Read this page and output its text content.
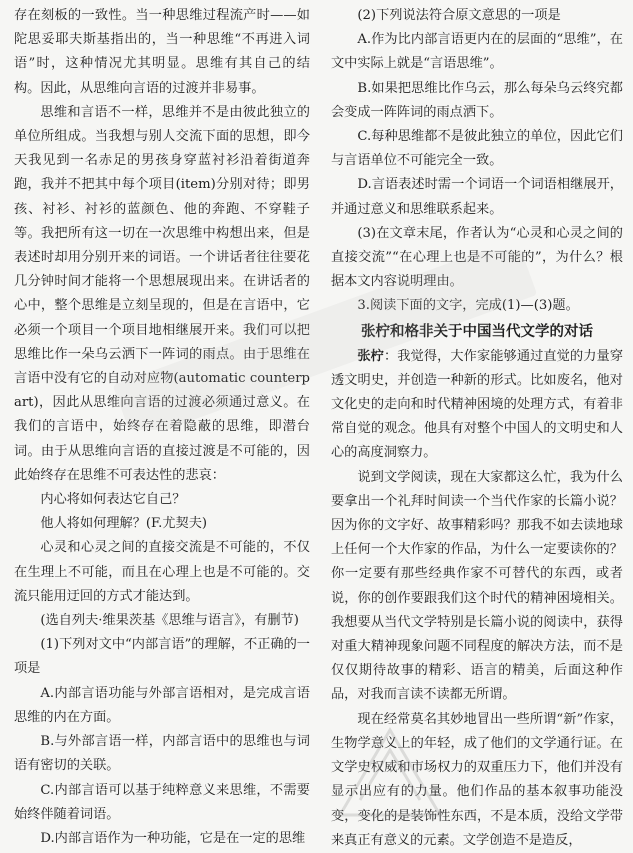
存在刻板的一致性。当一种思维过程流产时——如陀思妥耶夫斯基指出的，当一种思维“不再进入词语”时，这种情况尤其明显。思维有其自己的结构。因此，从思维向言语的过渡并非易事。

思维和言语不一样，思维并不是由彼此独立的单位所组成。当我想与别人交流下面的思想，即今天我见到一名赤足的男孩身穿蓝衬衫沿着街道奔跑，我并不把其中每个项目(item)分别对待；即男孩、衬衫、衬衫的蓝颜色、他的奔跑、不穿鞋子等。我把所有这一切在一次思维中构想出来，但是表述时却用分别开来的词语。一个讲话者往往要花几分钟时间才能将一个思想展现出来。在讲话者的心中，整个思维是立刻呈现的，但是在言语中，它必须一个项目一个项目地相继展开来。我们可以把思维比作一朵乌云洒下一阵词的雨点。由于思维在言语中没有它的自动对应物(automatic counterpart)，因此从思维向言语的过渡必须通过意义。在我们的言语中，始终存在着隐蔽的思维，即潜台词。由于从思维向言语的直接过渡是不可能的，因此始终存在思维不可表达性的悲哀：

内心将如何表达它自己？

他人将如何理解？(F.尤契夫)

心灵和心灵之间的直接交流是不可能的，不仅在生理上不可能，而且在心理上也是不可能的。交流只能用迂回的方式才能达到。

(选自列夫·维果茨基《思维与语言》，有删节)

(1)下列对文中“内部言语”的理解，不正确的一项是

A.内部言语功能与外部言语相对，是完成言语思维的内在方面。

B.与外部言语一样，内部言语中的思维也与词语有密切的关联。

C.内部言语可以基于纯粹意义来思维，不需要始终伴随着词语。

D.内部言语作为一种功能，它是在一定的思维

(2)下列说法符合原文意思的一项是

A.作为比内部言语更内在的层面的“思维”，在文中实际上就是“言语思维”。

B.如果把思维比作乌云，那么每朵乌云终究都会变成一阵阵词的雨点洒下。

C.每种思维都不是彼此独立的单位，因此它们与言语单位不可能完全一致。

D.言语表述时需一个词语一个词语相继展开，并通过意义和思维联系起来。

(3)在文章末尾，作者认为“心灵和心灵之间的直接交流”“在心理上也是不可能的”，为什么？根据本文内容说明理由。

3.阅读下面的文字，完成(1)—(3)题。

张柠和格非关于中国当代文学的对话

张柠：我觉得，大作家能够通过直觉的力量穿透文明史，并创造一种新的形式。比如废名，他对文化史的走向和时代精神困境的处理方式，有着非常自觉的观念。他具有对整个中国人的文明史和人心的高度洞察力。

说到文学阅读，现在大家都这么忙，我为什么要拿出一个礼拜时间读一个当代作家的长篇小说？因为你的文字好、故事精彩吗？那我不如去读地球上任何一个大作家的作品，为什么一定要读你的？你一定要有那些经典作家不可替代的东西，或者说，你的创作要跟我们这个时代的精神困境相关。我想要从当代文学特别是长篇小说的阅读中，获得对重大精神现象问题不同程度的解决方法，而不是仅仅期待故事的精彩、语言的精美，后面这种作品，对我而言读不读都无所谓。

现在经常莫名其妙地冒出一些所谓“新”作家，生物学意义上的年轻，成了他们的文学通行证。在文学史权威和市场权力的双重压力下，他们并没有显示出应有的力量。他们作品的基本叙事功能没变，变化的是装饰性东西，不是本质，没给文学带来真正有意义的元素。文学创造不是造反，
